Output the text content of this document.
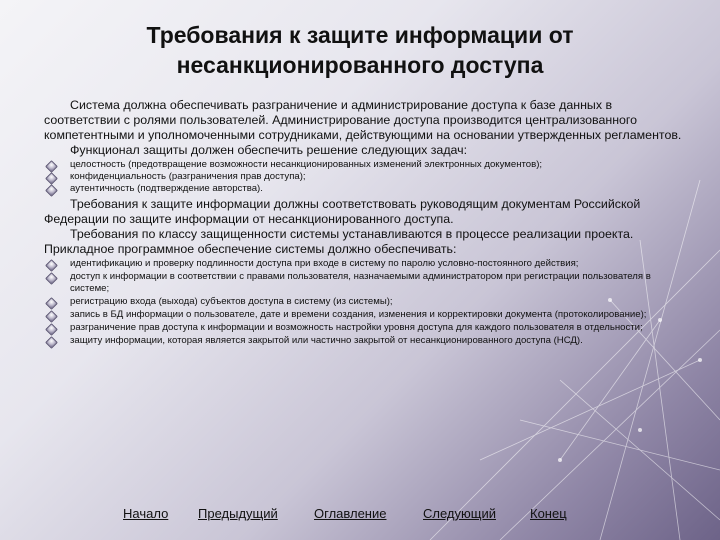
Требования к защите информации от
несанкционированного доступа

Система должна обеспечивать разграничение и администрирование доступа к базе данных в соответствии с ролями пользователей. Администрирование доступа производится централизованного компетентными и уполномоченными сотрудниками, действующими на основании утвержденных регламентов.

Функционал защиты должен обеспечить решение следующих задач:

целостность (предотвращение возможности несанкционированных изменений электронных документов);
конфиденциальность (разграничения прав доступа);
аутентичность (подтверждение авторства).

Требования к защите информации должны соответствовать руководящим документам Российской Федерации по защите информации от несанкционированного доступа.

Требования по классу защищенности системы устанавливаются в процессе реализации проекта. Прикладное программное обеспечение системы должно обеспечивать:

идентификацию и проверку подлинности доступа при входе в систему по паролю условно-постоянного действия;
доступ к информации в соответствии с правами пользователя, назначаемыми администратором при регистрации пользователя в системе;
регистрацию входа (выхода) субъектов доступа в систему (из системы);
запись в БД информации о пользователе, дате и времени создания, изменения и корректировки документа (протоколирование);
разграничение прав доступа к информации и возможность настройки уровня доступа для каждого пользователя в отдельности;
защиту информации, которая является закрытой или частично закрытой от несанкционированного доступа (НСД).
Начало Предыдущий	Оглавление	Следующий	Конец
